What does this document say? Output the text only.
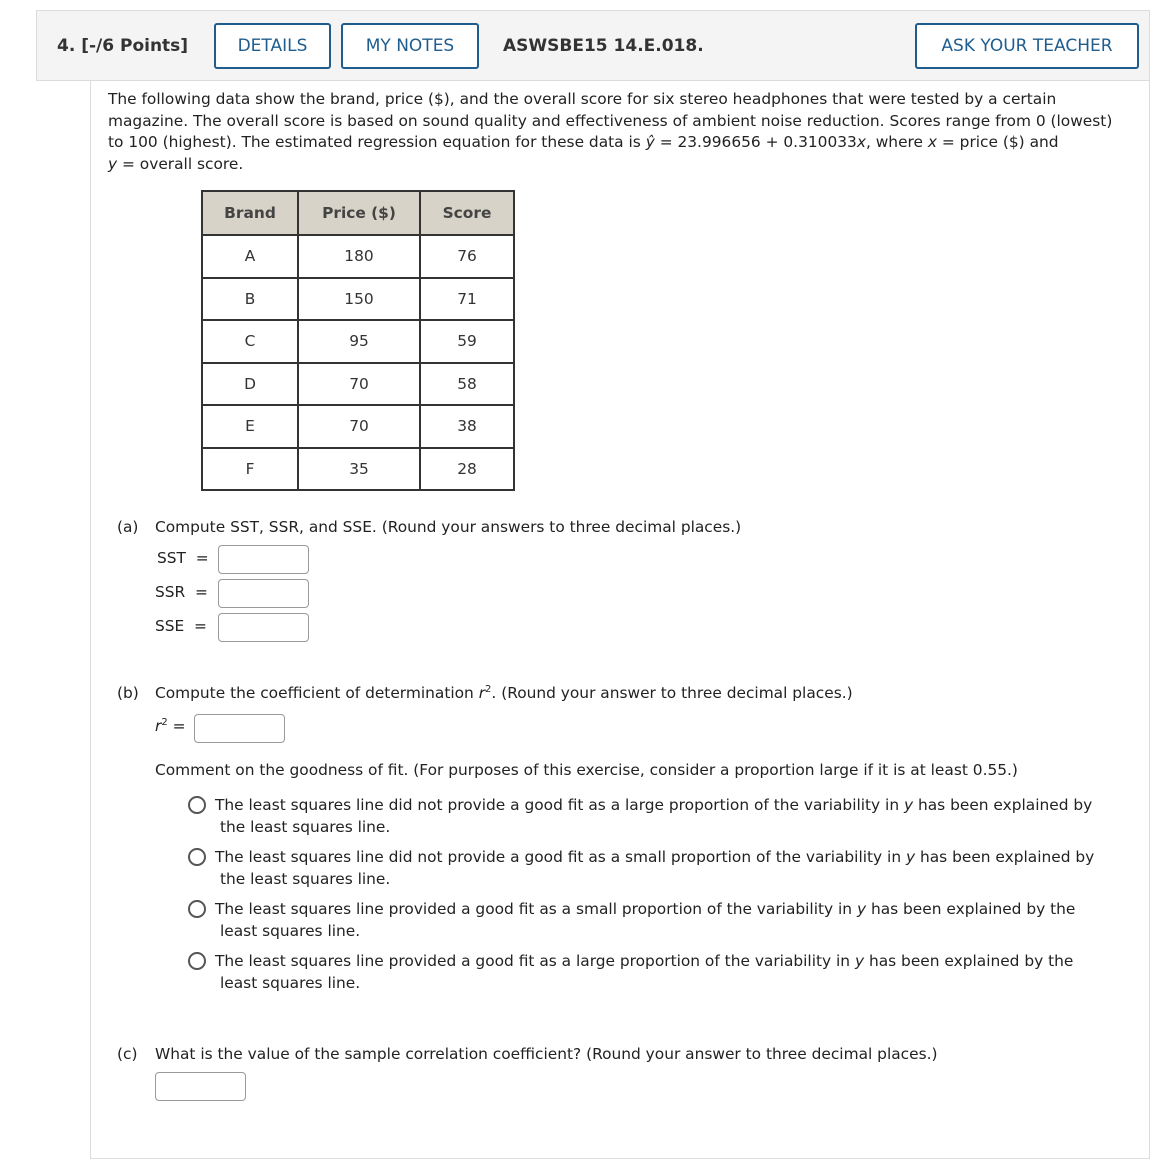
4. [-/6 Points]	DETAILS	MY NOTES	ASWSBE15 14.E.018.	ASK YOUR TEACHER

The following data show the brand, price ($), and the overall score for six stereo headphones that were tested by a certain
magazine. The overall score is based on sound quality and effectiveness of ambient noise reduction. Scores range from 0 (lowest)
to 100 (highest). The estimated regression equation for these data is ŷ = 23.996656 + 0.310033x, where x = price ($) and
y = overall score.

Brand	Price ($)	Score
A	180	76
B	150	71
C	95	59
D	70	58
E	70	38
F	35	28
(a) Compute SST, SSR, and SSE. (Round your answers to three decimal places.)
SST  =
SSR  =
SSE  =
(b) Compute the coefficient of determination $r^2$. (Round your answer to three decimal places.)
$r^2$ =
Comment on the goodness of fit. (For purposes of this exercise, consider a proportion large if it is at least 0.55.)
The least squares line did not provide a good fit as a large proportion of the variability in y has been explained by
the least squares line.
The least squares line did not provide a good fit as a small proportion of the variability in y has been explained by
the least squares line.
The least squares line provided a good fit as a small proportion of the variability in y has been explained by the
least squares line.
The least squares line provided a good fit as a large proportion of the variability in y has been explained by the
least squares line.
(c) What is the value of the sample correlation coefficient? (Round your answer to three decimal places.)
